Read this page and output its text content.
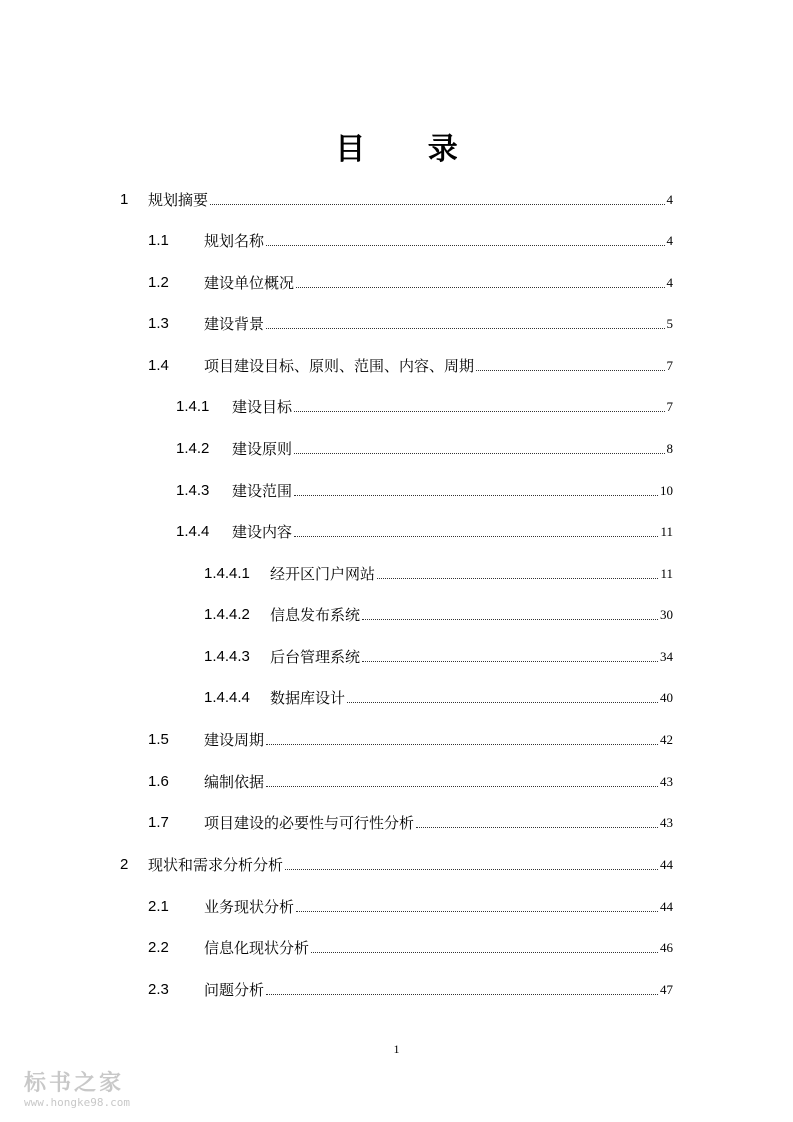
目 录
1	规划摘要	4
1.1	规划名称	4
1.2	建设单位概况	4
1.3	建设背景	5
1.4	项目建设目标、原则、范围、内容、周期	7
1.4.1	建设目标	7
1.4.2	建设原则	8
1.4.3	建设范围	10
1.4.4	建设内容	11
1.4.4.1	经开区门户网站	11
1.4.4.2	信息发布系统	30
1.4.4.3	后台管理系统	34
1.4.4.4	数据库设计	40
1.5	建设周期	42
1.6	编制依据	43
1.7	项目建设的必要性与可行性分析	43
2	现状和需求分析分析	44
2.1	业务现状分析	44
2.2	信息化现状分析	46
2.3	问题分析	47
1
标书之家
www.hongke98.com
